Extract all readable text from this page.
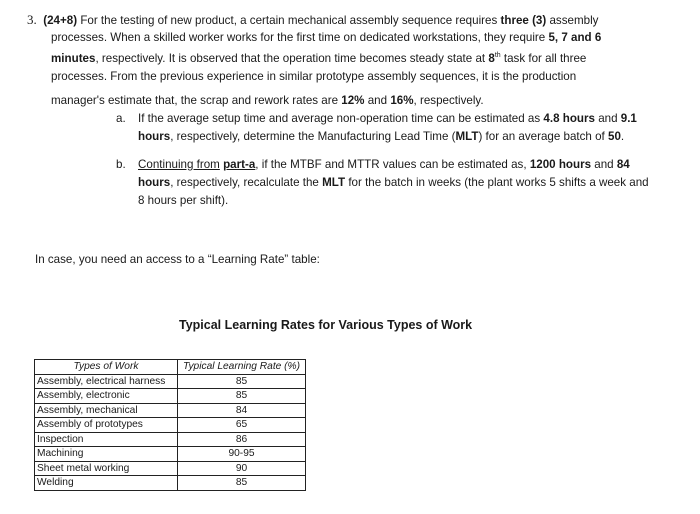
3. (24+8) For the testing of new product, a certain mechanical assembly sequence requires three (3) assembly
processes. When a skilled worker works for the first time on dedicated workstations, they require 5, 7 and 6 minutes, respectively. It is observed that the operation time becomes steady state at 8th task for all three processes. From the previous experience in similar prototype assembly sequences, it is the production
manager's estimate that, the scrap and rework rates are 12% and 16%, respectively.
a. If the average setup time and average non-operation time can be estimated as 4.8 hours and 9.1 hours, respectively, determine the Manufacturing Lead Time (MLT) for an average batch of 50.
b. Continuing from part-a, if the MTBF and MTTR values can be estimated as, 1200 hours and 84 hours, respectively, recalculate the MLT for the batch in weeks (the plant works 5 shifts a week and 8 hours per shift).
In case, you need an access to a “Learning Rate” table:
Typical Learning Rates for Various Types of Work
Types of Work	Typical Learning Rate (%)
Assembly, electrical harness	85
Assembly, electronic	85
Assembly, mechanical	84
Assembly of prototypes	65
Inspection	86
Machining	90-95
Sheet metal working	90
Welding	85
